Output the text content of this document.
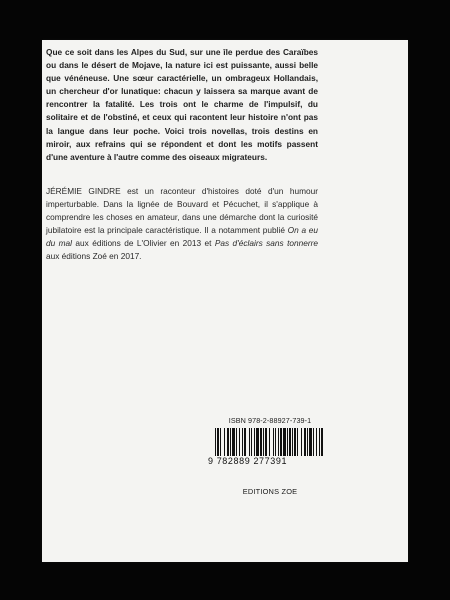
Que ce soit dans les Alpes du Sud, sur une île perdue des Caraïbes ou dans le désert de Mojave, la nature ici est puissante, aussi belle que vénéneuse. Une sœur caractérielle, un ombrageux Hollandais, un chercheur d'or lunatique: chacun y laissera sa marque avant de rencontrer la fatalité. Les trois ont le charme de l'impulsif, du solitaire et de l'obstiné, et ceux qui racontent leur histoire n'ont pas la langue dans leur poche. Voici trois novellas, trois destins en miroir, aux refrains qui se répondent et dont les motifs passent d'une aventure à l'autre comme des oiseaux migrateurs.

JÉRÉMIE GINDRE est un raconteur d'histoires doté d'un humour imperturbable. Dans la lignée de Bouvard et Pécuchet, il s'applique à comprendre les choses en amateur, dans une démarche dont la curiosité jubilatoire est la principale caractéristique. Il a notamment publié On a eu du mal aux éditions de L'Olivier en 2013 et Pas d'éclairs sans tonnerre aux éditions Zoé en 2017.

ISBN 978-2-88927-739-1
9 782889 277391
EDITIONS ZOE
